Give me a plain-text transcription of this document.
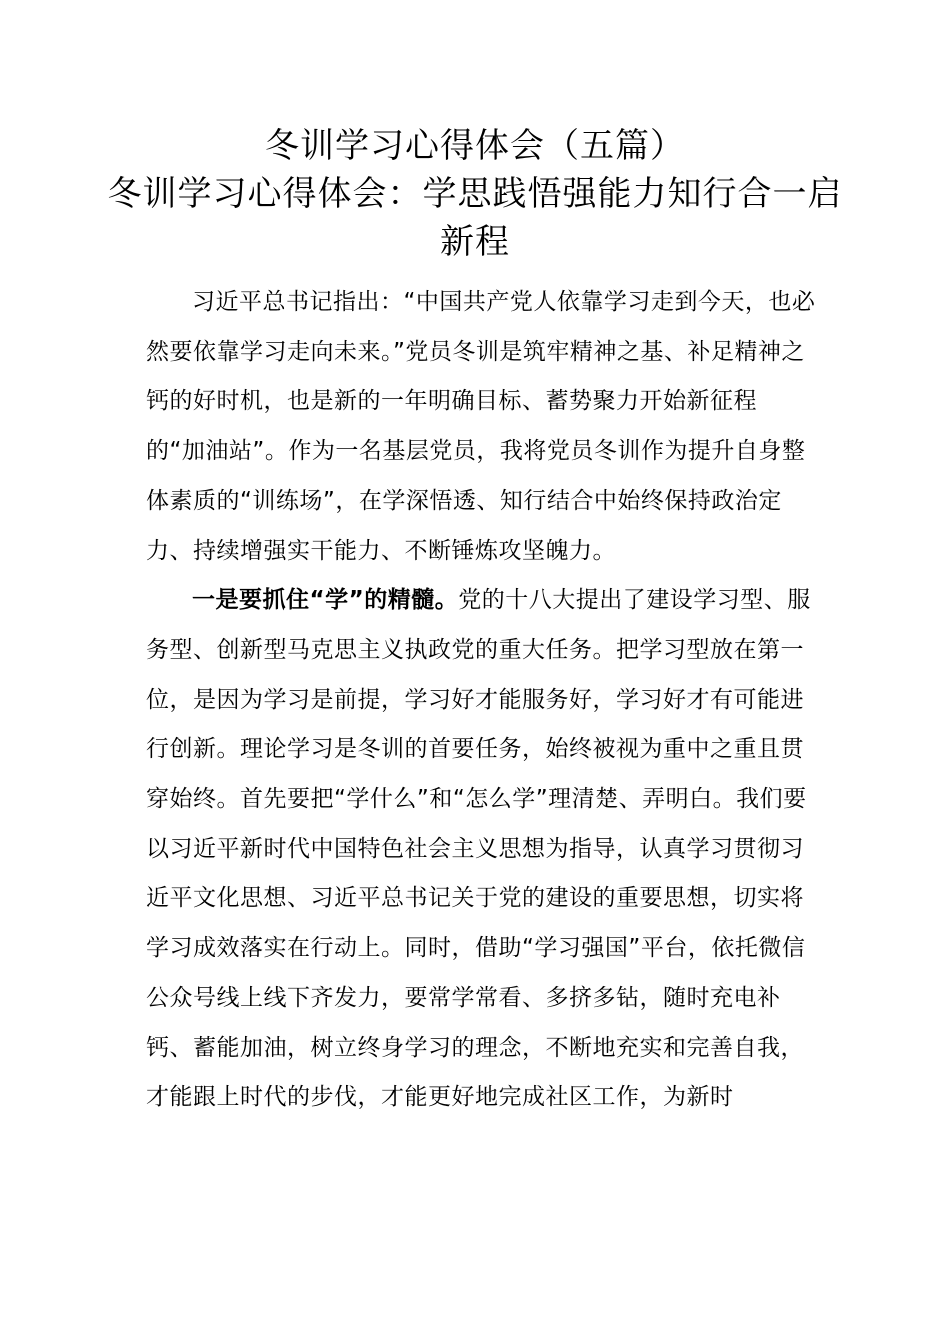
冬训学习心得体会（五篇）
冬训学习心得体会：学思践悟强能力知行合一启新程

习近平总书记指出：“中国共产党人依靠学习走到今天，也必然要依靠学习走向未来。”党员冬训是筑牢精神之基、补足精神之钙的好时机，也是新的一年明确目标、蓄势聚力开始新征程的“加油站”。作为一名基层党员，我将党员冬训作为提升自身整体素质的“训练场”，在学深悟透、知行结合中始终保持政治定力、持续增强实干能力、不断锤炼攻坚魄力。

一是要抓住“学”的精髓。党的十八大提出了建设学习型、服务型、创新型马克思主义执政党的重大任务。把学习型放在第一位，是因为学习是前提，学习好才能服务好，学习好才有可能进行创新。理论学习是冬训的首要任务，始终被视为重中之重且贯穿始终。首先要把“学什么”和“怎么学”理清楚、弄明白。我们要以习近平新时代中国特色社会主义思想为指导，认真学习贯彻习近平文化思想、习近平总书记关于党的建设的重要思想，切实将学习成效落实在行动上。同时，借助“学习强国”平台，依托微信公众号线上线下齐发力，要常学常看、多挤多钻，随时充电补钙、蓄能加油，树立终身学习的理念，不断地充实和完善自我，才能跟上时代的步伐，才能更好地完成社区工作，为新时
